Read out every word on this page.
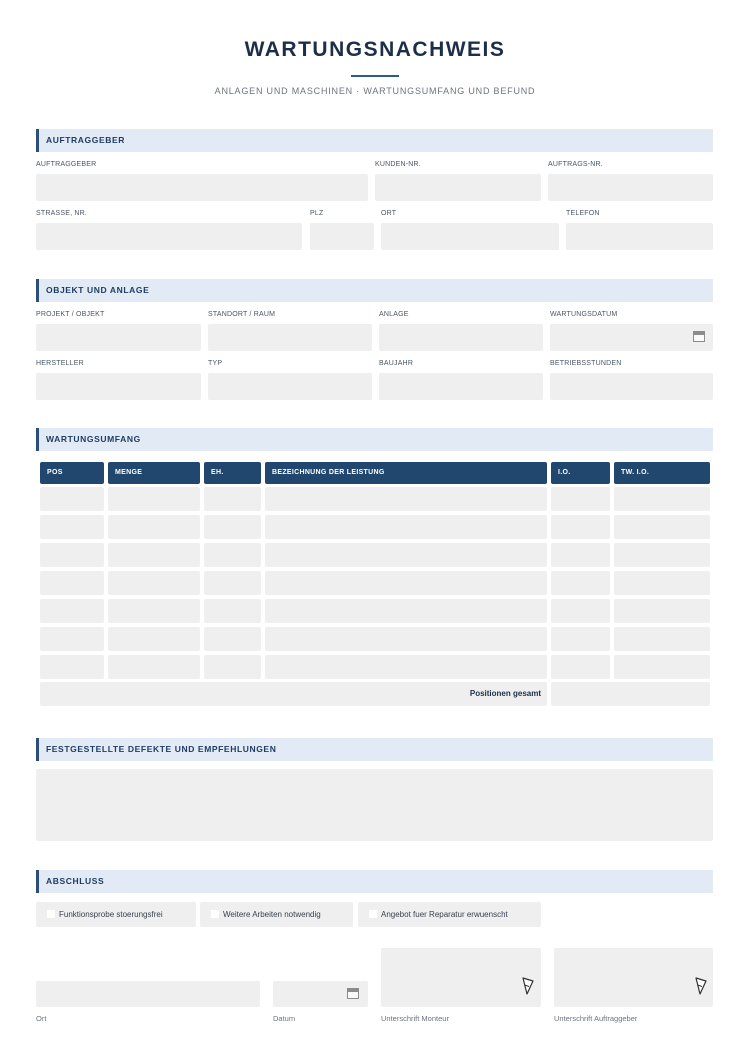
WARTUNGSNACHWEIS
ANLAGEN UND MASCHINEN · WARTUNGSUMFANG UND BEFUND
AUFTRAGGEBER
AUFTRAGGEBER	KUNDEN-NR.	AUFTRAGS-NR.
STRASSE, NR.	PLZ	ORT	TELEFON
OBJEKT UND ANLAGE
PROJEKT / OBJEKT	STANDORT / RAUM	ANLAGE	WARTUNGSDATUM
HERSTELLER	TYP	BAUJAHR	BETRIEBSSTUNDEN
WARTUNGSUMFANG
POS	MENGE	EH.	BEZEICHNUNG DER LEISTUNG	I.O.	TW. I.O.
Positionen gesamt
FESTGESTELLTE DEFEKTE UND EMPFEHLUNGEN
ABSCHLUSS
Funktionsprobe stoerungsfrei	Weitere Arbeiten notwendig	Angebot fuer Reparatur erwuenscht
Ort	Datum	Unterschrift Monteur	Unterschrift Auftraggeber
